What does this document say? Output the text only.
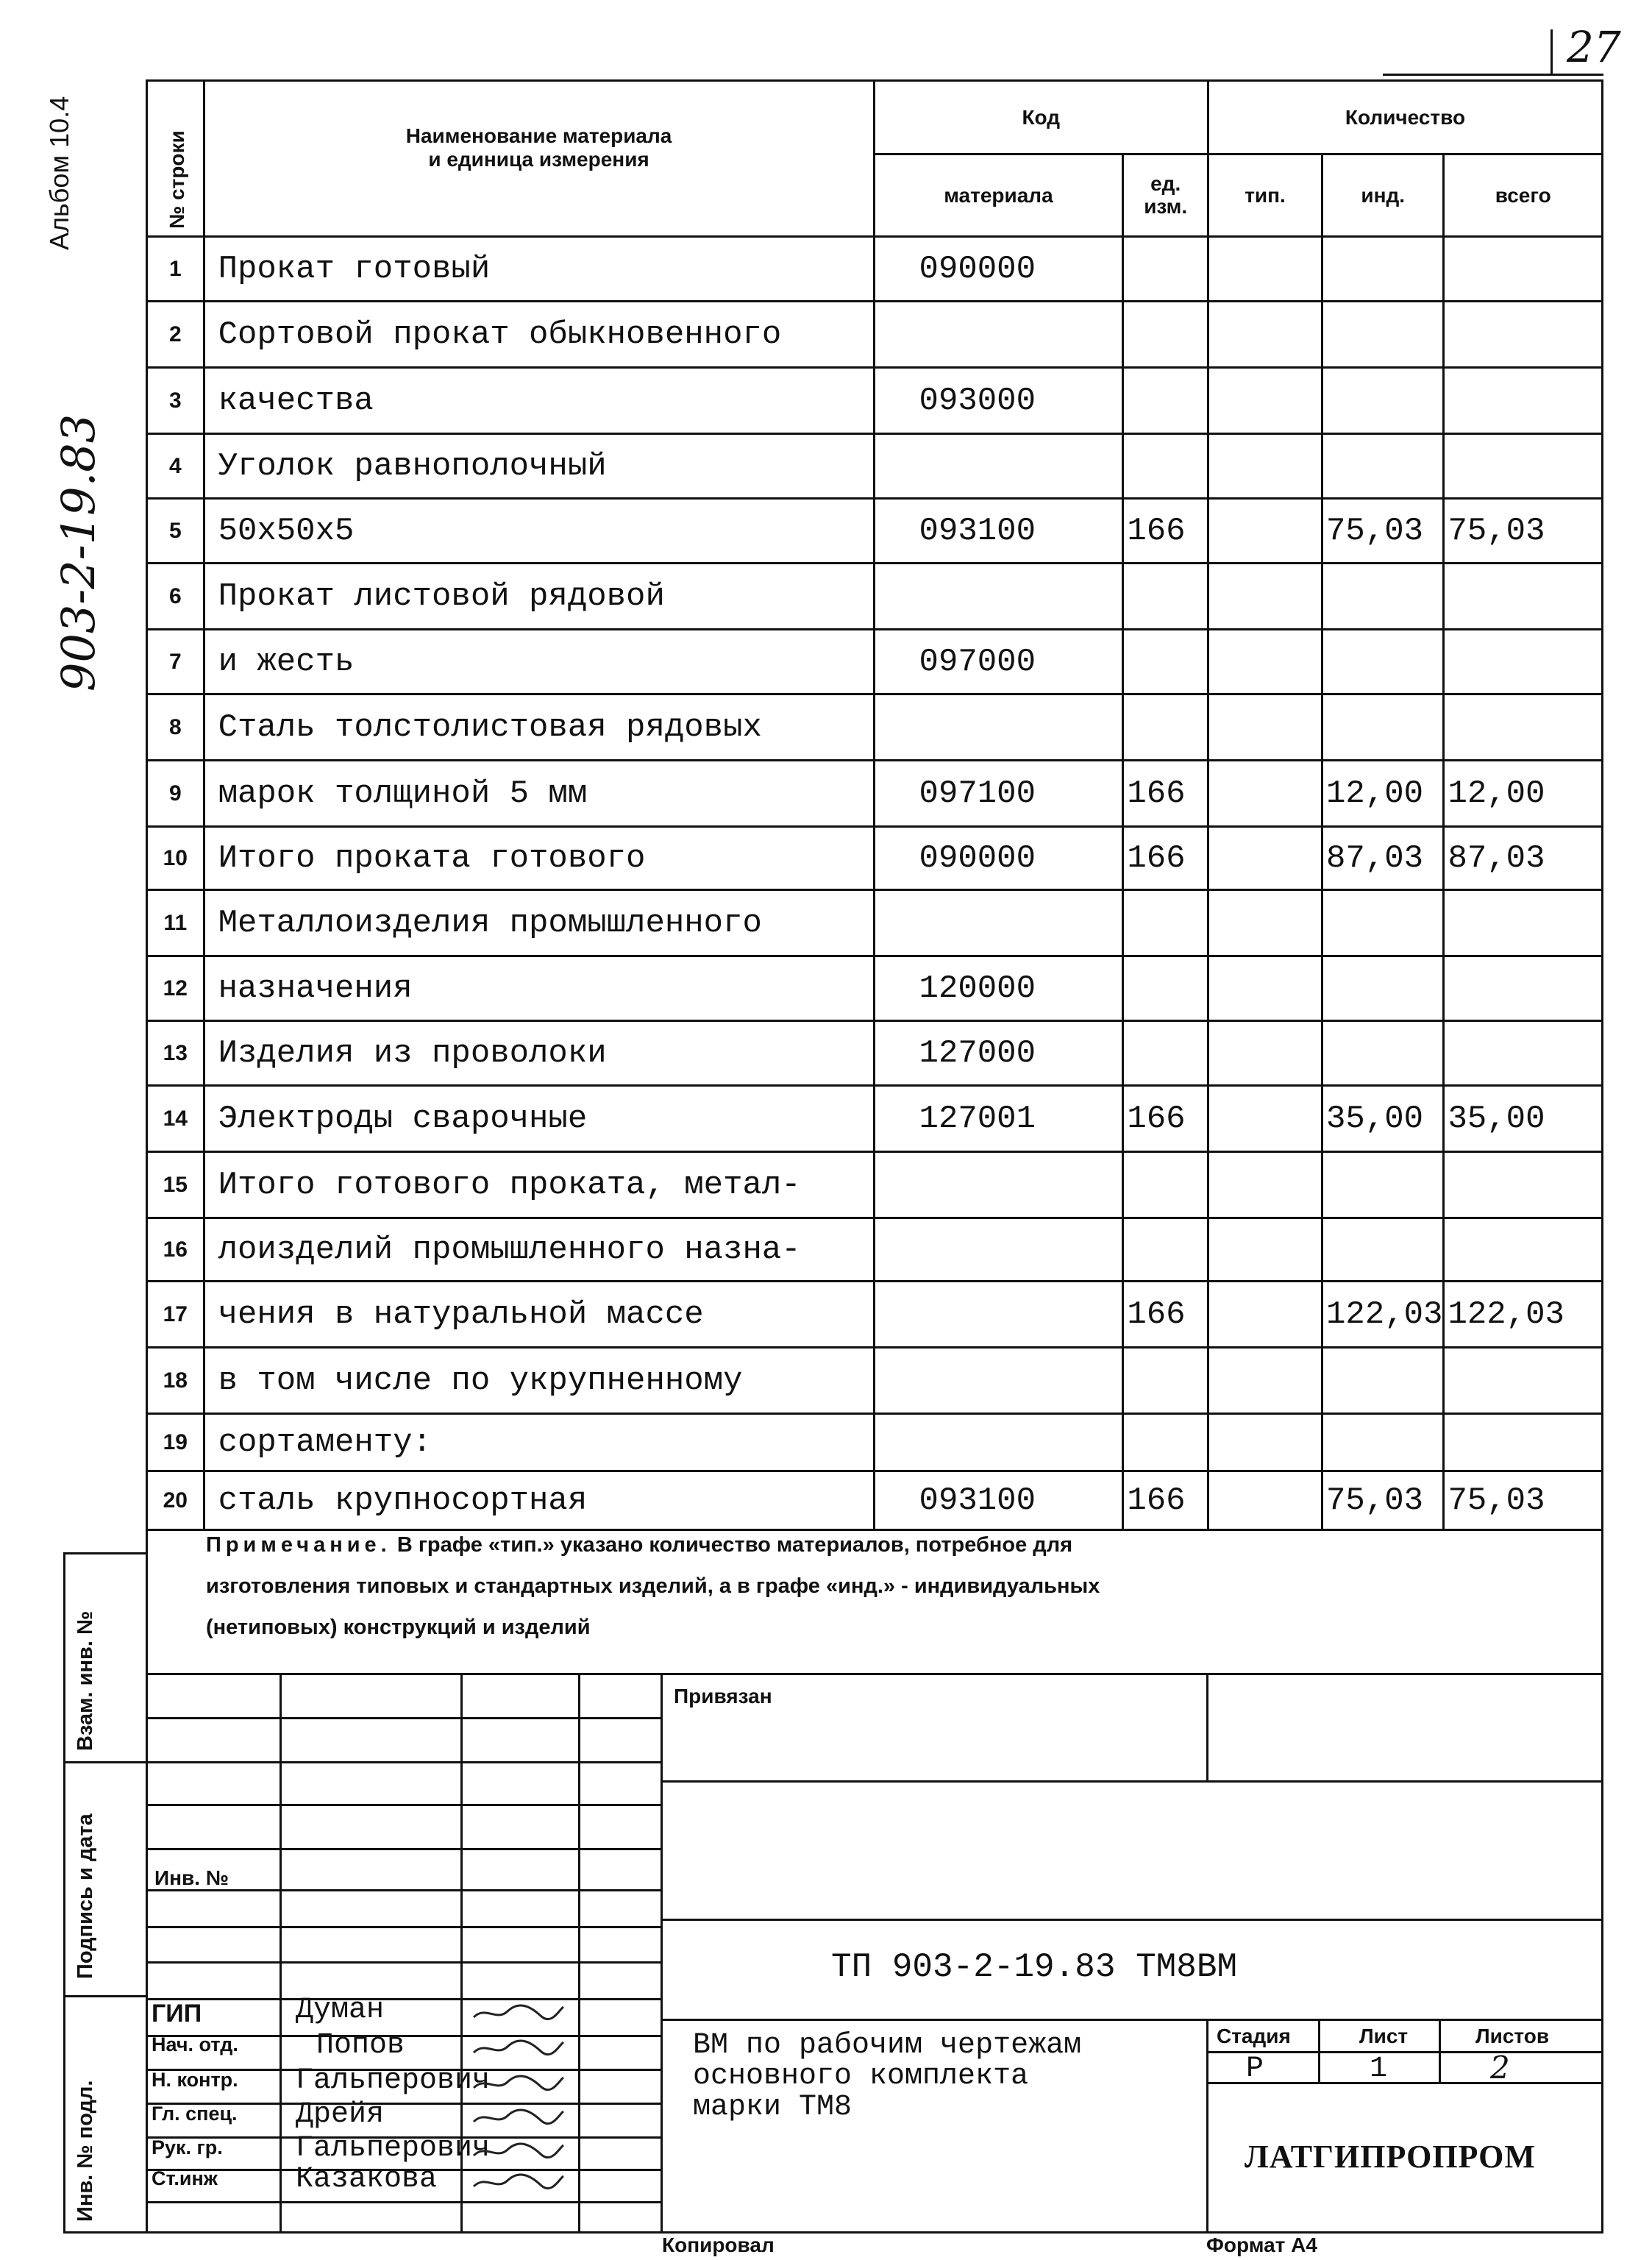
27
Альбом 10.4
903-2-19.83
№ строки	Наименование материала
и единица измерения	Код		Количество		
		материала	ед.
изм.	тип.	инд.	всего
1	Прокат готовый	090000				
2	Сортовой прокат обыкновенного					
3	качества	093000				
4	Уголок равнополочный					
5	50x50x5	093100	166		75,03	75,03
6	Прокат листовой рядовой					
7	и жесть	097000				
8	Сталь толстолистовая рядовых					
9	марок толщиной 5 мм	097100	166		12,00	12,00
10	Итого проката готового	090000	166		87,03	87,03
11	Металлоизделия промышленного					
12	назначения	120000				
13	Изделия из проволоки	127000				
14	Электроды сварочные	127001	166		35,00	35,00
15	Итого готового проката, метал-					
16	лоизделий промышленного назна-					
17	чения в натуральной массе		166		122,03	122,03
18	в том числе по укрупненному					
19	сортаменту:					
20	сталь крупносортная	093100	166		75,03	75,03
Примечание. В графе «тип.» указано количество материалов, потребное для
изготовления типовых и стандартных изделий, а в графе «инд.» - индивидуальных
(нетиповых) конструкций и изделий
Взам. инв. №
Подпись и дата
Инв. № подл.
Инв. №
Привязан
ТП 903-2-19.83 ТМ8ВМ
ВМ по рабочим чертежам
основного комплекта
марки ТМ8
Стадия	Лист	Листов
Р	1	2
ЛАТГИПРОПРОМ
ГИП	Думан
Нач. отд.	Попов
Н. контр. Гальперович
Гл. спец. Дрейя
Рук. гр. Гальперович
Ст.инж	Казакова
Копировал	Формат А4
